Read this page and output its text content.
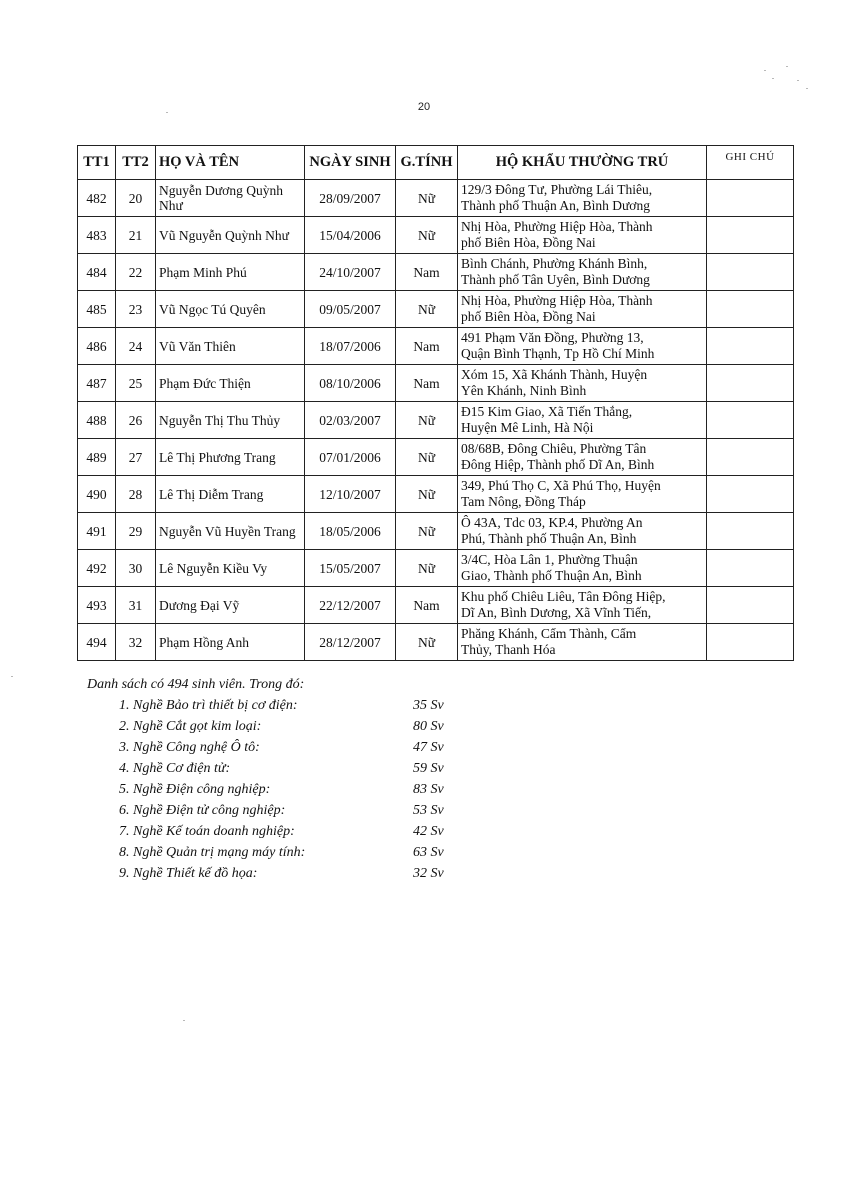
20
TT1	TT2	HỌ VÀ TÊN	NGÀY SINH	G.TÍNH	HỘ KHẨU THƯỜNG TRÚ	GHI CHÚ
482	20	Nguyễn Dương Quỳnh Như	28/09/2007	Nữ	129/3 Đông Tư, Phường Lái Thiêu,
Thành phố Thuận An, Bình Dương	

483	21	Vũ Nguyễn Quỳnh Như	15/04/2006	Nữ	Nhị Hòa, Phường Hiệp Hòa, Thành
phố Biên Hòa, Đồng Nai	

484	22	Phạm Minh Phú	24/10/2007	Nam	Bình Chánh, Phường Khánh Bình,
Thành phố Tân Uyên, Bình Dương	

485	23	Vũ Ngọc Tú Quyên	09/05/2007	Nữ	Nhị Hòa, Phường Hiệp Hòa, Thành
phố Biên Hòa, Đồng Nai	

486	24	Vũ Văn Thiên	18/07/2006	Nam	491 Phạm Văn Đồng, Phường 13,
Quận Bình Thạnh, Tp Hồ Chí Minh	

487	25	Phạm Đức Thiện	08/10/2006	Nam	Xóm 15, Xã Khánh Thành, Huyện
Yên Khánh, Ninh Bình	

488	26	Nguyễn Thị Thu Thủy	02/03/2007	Nữ	Đ15 Kim Giao, Xã Tiến Thắng,
Huyện Mê Linh, Hà Nội	

489	27	Lê Thị Phương Trang	07/01/2006	Nữ	08/68B, Đông Chiêu, Phường Tân
Đông Hiệp, Thành phố Dĩ An, Bình	

490	28	Lê Thị Diễm Trang	12/10/2007	Nữ	349, Phú Thọ C, Xã Phú Thọ, Huyện
Tam Nông, Đồng Tháp	

491	29	Nguyễn Vũ Huyền Trang	18/05/2006	Nữ	Ô 43A, Tdc 03, KP.4, Phường An
Phú, Thành phố Thuận An, Bình	

492	30	Lê Nguyễn Kiều Vy	15/05/2007	Nữ	3/4C, Hòa Lân 1, Phường Thuận
Giao, Thành phố Thuận An, Bình	

493	31	Dương Đại Vỹ	22/12/2007	Nam	Khu phố Chiêu Liêu, Tân Đông Hiệp,
Dĩ An, Bình Dương, Xã Vĩnh Tiến,	

494	32	Phạm Hồng Anh	28/12/2007	Nữ	Phăng Khánh, Cẩm Thành, Cẩm
Thủy, Thanh Hóa	

Danh sách có 494 sinh viên. Trong đó:
1. Nghề Bảo trì thiết bị cơ điện:	35 Sv
2. Nghề Cắt gọt kim loại:	80 Sv
3. Nghề Công nghệ Ô tô:	47 Sv
4. Nghề Cơ điện tử:	59 Sv
5. Nghề Điện công nghiệp:	83 Sv
6. Nghề Điện tử công nghiệp:	53 Sv
7. Nghề Kế toán doanh nghiệp:	42 Sv
8. Nghề Quản trị mạng máy tính:	63 Sv
9. Nghề Thiết kế đồ họa:	32 Sv
